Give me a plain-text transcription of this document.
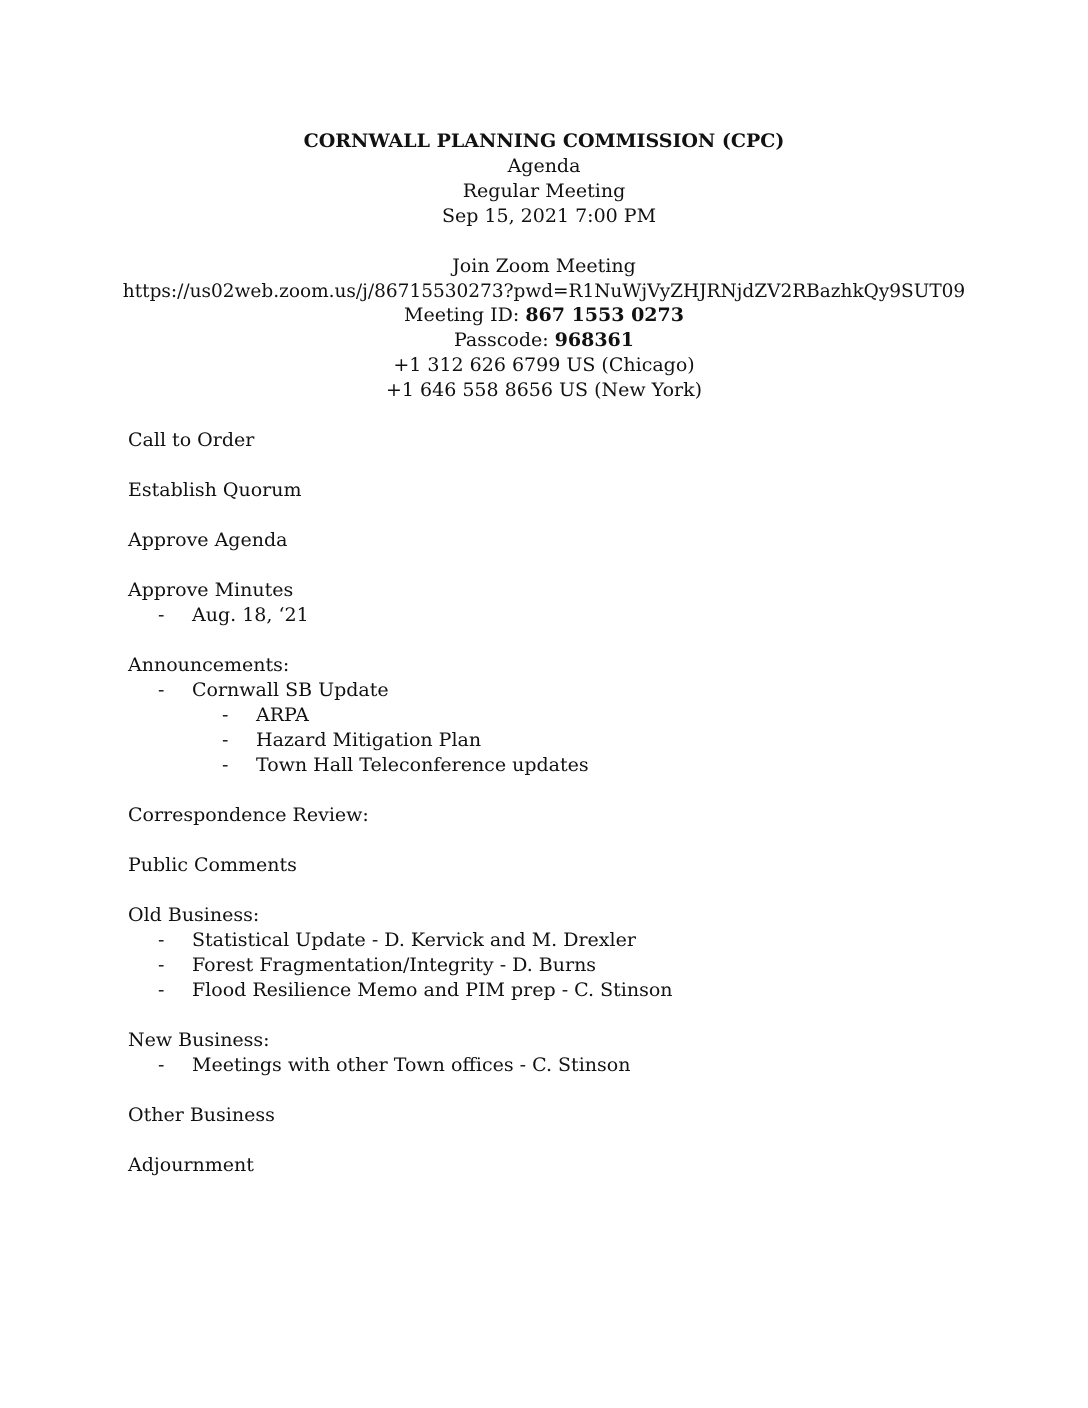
CORNWALL PLANNING COMMISSION (CPC)
Agenda
Regular Meeting
Sep 15, 2021 7:00 PM
Join Zoom Meeting
https://us02web.zoom.us/j/86715530273?pwd=R1NuWjVyZHJRNjdZV2RBazhkQy9SUT09
Meeting ID: 867 1553 0273
Passcode: 968361
+1 312 626 6799 US (Chicago)
+1 646 558 8656 US (New York)
Call to Order
Establish Quorum
Approve Agenda
Approve Minutes
- Aug. 18, ‘21
Announcements:
- Cornwall SB Update
- ARPA
- Hazard Mitigation Plan
- Town Hall Teleconference updates
Correspondence Review:
Public Comments
Old Business:
- Statistical Update - D. Kervick and M. Drexler
- Forest Fragmentation/Integrity - D. Burns
- Flood Resilience Memo and PIM prep - C. Stinson
New Business:
- Meetings with other Town offices - C. Stinson
Other Business
Adjournment
